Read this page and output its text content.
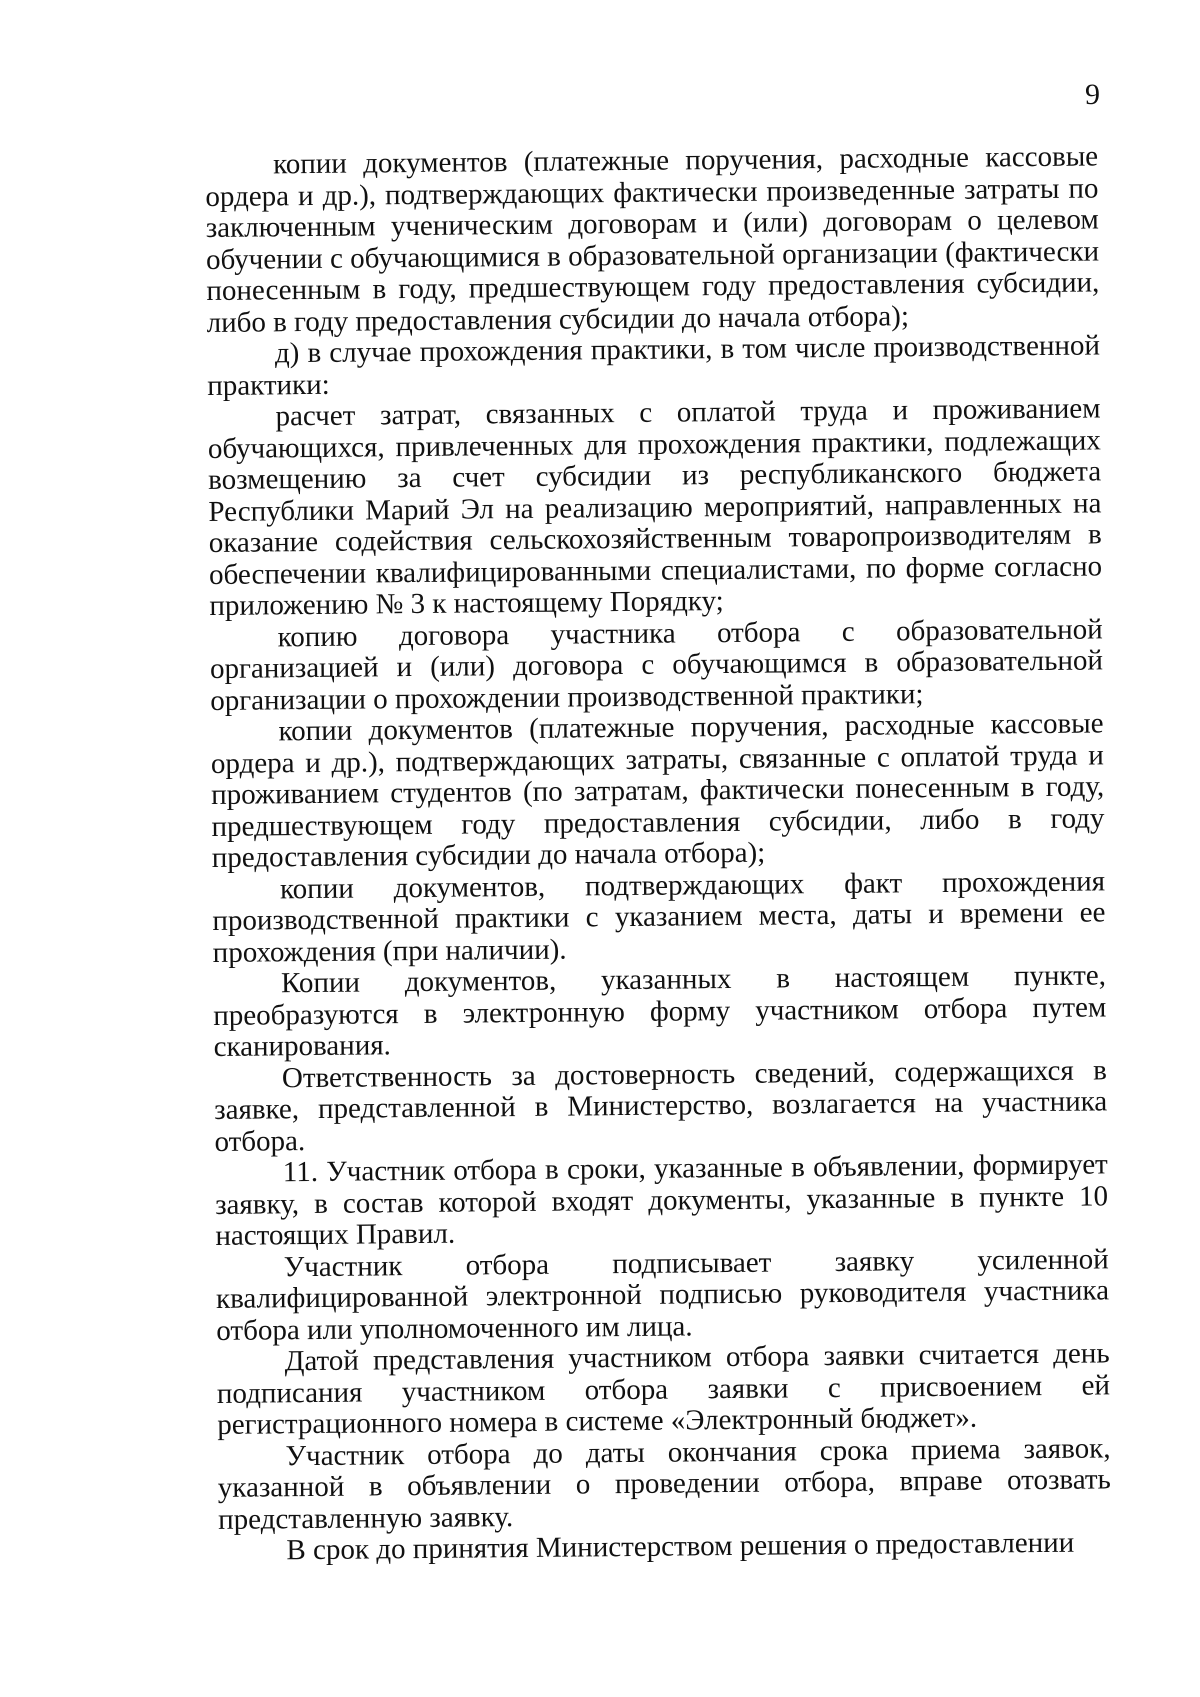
9

копии документов (платежные поручения, расходные кассовые ордера и др.), подтверждающих фактически произведенные затраты по заключенным ученическим договорам и (или) договорам о целевом обучении с обучающимися в образовательной организации (фактически понесенным в году, предшествующем году предоставления субсидии, либо в году предоставления субсидии до начала отбора);

д) в случае прохождения практики, в том числе производственной практики:

расчет затрат, связанных с оплатой труда и проживанием обучающихся, привлеченных для прохождения практики, подлежащих возмещению за счет субсидии из республиканского бюджета Республики Марий Эл на реализацию мероприятий, направленных на оказание содействия сельскохозяйственным товаропроизводителям в обеспечении квалифицированными специалистами, по форме согласно приложению № 3 к настоящему Порядку;

копию договора участника отбора с образовательной организацией и (или) договора с обучающимся в образовательной организации о прохождении производственной практики;

копии документов (платежные поручения, расходные кассовые ордера и др.), подтверждающих затраты, связанные с оплатой труда и проживанием студентов (по затратам, фактически понесенным в году, предшествующем году предоставления субсидии, либо в году предоставления субсидии до начала отбора);

копии документов, подтверждающих факт прохождения производственной практики с указанием места, даты и времени ее прохождения (при наличии).

Копии документов, указанных в настоящем пункте, преобразуются в электронную форму участником отбора путем сканирования.

Ответственность за достоверность сведений, содержащихся в заявке, представленной в Министерство, возлагается на участника отбора.

11. Участник отбора в сроки, указанные в объявлении, формирует заявку, в состав которой входят документы, указанные в пункте 10 настоящих Правил.

Участник отбора подписывает заявку усиленной квалифицированной электронной подписью руководителя участника отбора или уполномоченного им лица.

Датой представления участником отбора заявки считается день подписания участником отбора заявки с присвоением ей регистрационного номера в системе «Электронный бюджет».

Участник отбора до даты окончания срока приема заявок, указанной в объявлении о проведении отбора, вправе отозвать представленную заявку.

В срок до принятия Министерством решения о предоставлении
